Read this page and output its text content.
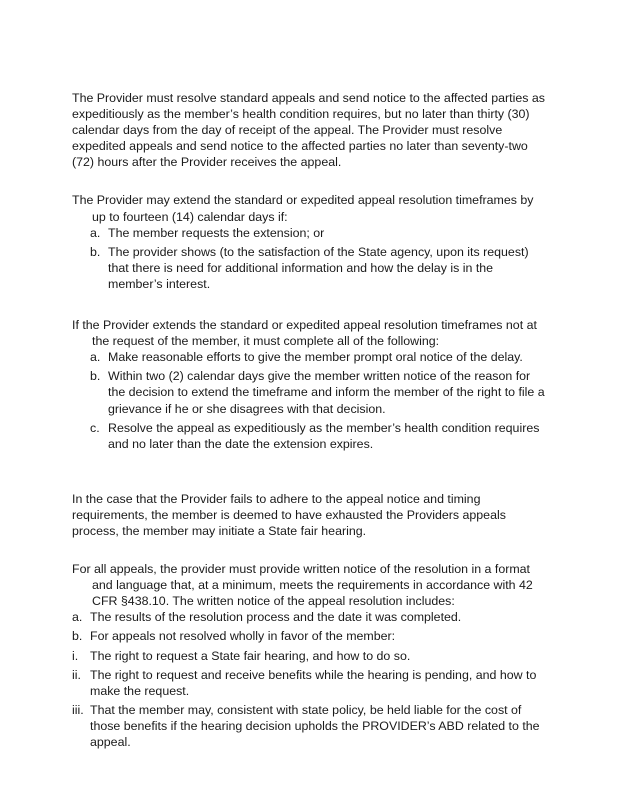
The Provider must resolve standard appeals and send notice to the affected parties as expeditiously as the member’s health condition requires, but no later than thirty (30) calendar days from the day of receipt of the appeal. The Provider must resolve expedited appeals and send notice to the affected parties no later than seventy-two (72) hours after the Provider receives the appeal.

The Provider may extend the standard or expedited appeal resolution timeframes by up to fourteen (14) calendar days if:

a. The member requests the extension; or
b. The provider shows (to the satisfaction of the State agency, upon its request) that there is need for additional information and how the delay is in the member’s interest.

If the Provider extends the standard or expedited appeal resolution timeframes not at the request of the member, it must complete all of the following:

a. Make reasonable efforts to give the member prompt oral notice of the delay.
b. Within two (2) calendar days give the member written notice of the reason for the decision to extend the timeframe and inform the member of the right to file a grievance if he or she disagrees with that decision.
c. Resolve the appeal as expeditiously as the member’s health condition requires and no later than the date the extension expires.

In the case that the Provider fails to adhere to the appeal notice and timing requirements, the member is deemed to have exhausted the Providers appeals process, the member may initiate a State fair hearing.

For all appeals, the provider must provide written notice of the resolution in a format and language that, at a minimum, meets the requirements in accordance with 42 CFR §438.10. The written notice of the appeal resolution includes:

a. The results of the resolution process and the date it was completed.
b. For appeals not resolved wholly in favor of the member:
i. The right to request a State fair hearing, and how to do so.
ii. The right to request and receive benefits while the hearing is pending, and how to make the request.
iii. That the member may, consistent with state policy, be held liable for the cost of those benefits if the hearing decision upholds the PROVIDER’s ABD related to the appeal.
